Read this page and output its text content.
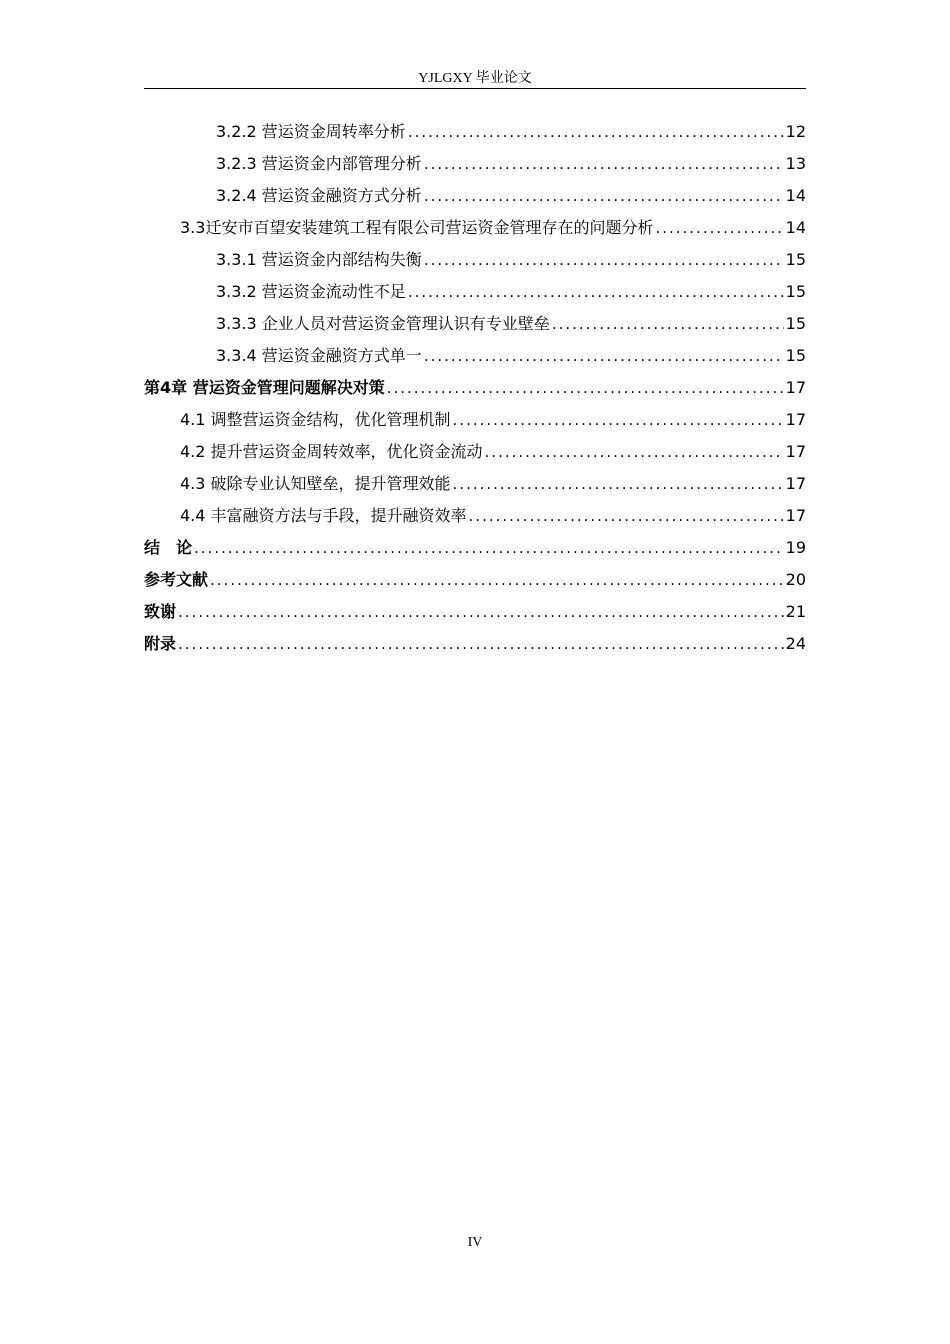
YJLGXY 毕业论文
3.2.2 营运资金周转率分析 .....	12
3.2.3 营运资金内部管理分析 .....	13
3.2.4 营运资金融资方式分析 .....	14
3.3迁安市百望安装建筑工程有限公司营运资金管理存在的问题分析 .....	14
3.3.1 营运资金内部结构失衡 .....	15
3.3.2 营运资金流动性不足 .....	15
3.3.3 企业人员对营运资金管理认识有专业壁垒 .....	15
3.3.4 营运资金融资方式单一 .....	15
第4章 营运资金管理问题解决对策 .....	17
4.1 调整营运资金结构，优化管理机制 .....	17
4.2 提升营运资金周转效率，优化资金流动 .....	17
4.3 破除专业认知壁垒，提升管理效能 .....	17
4.4 丰富融资方法与手段，提升融资效率 .....	17
结　论 .....	19
参考文献 .....	20
致谢 .....	21
附录 .....	24
IV
